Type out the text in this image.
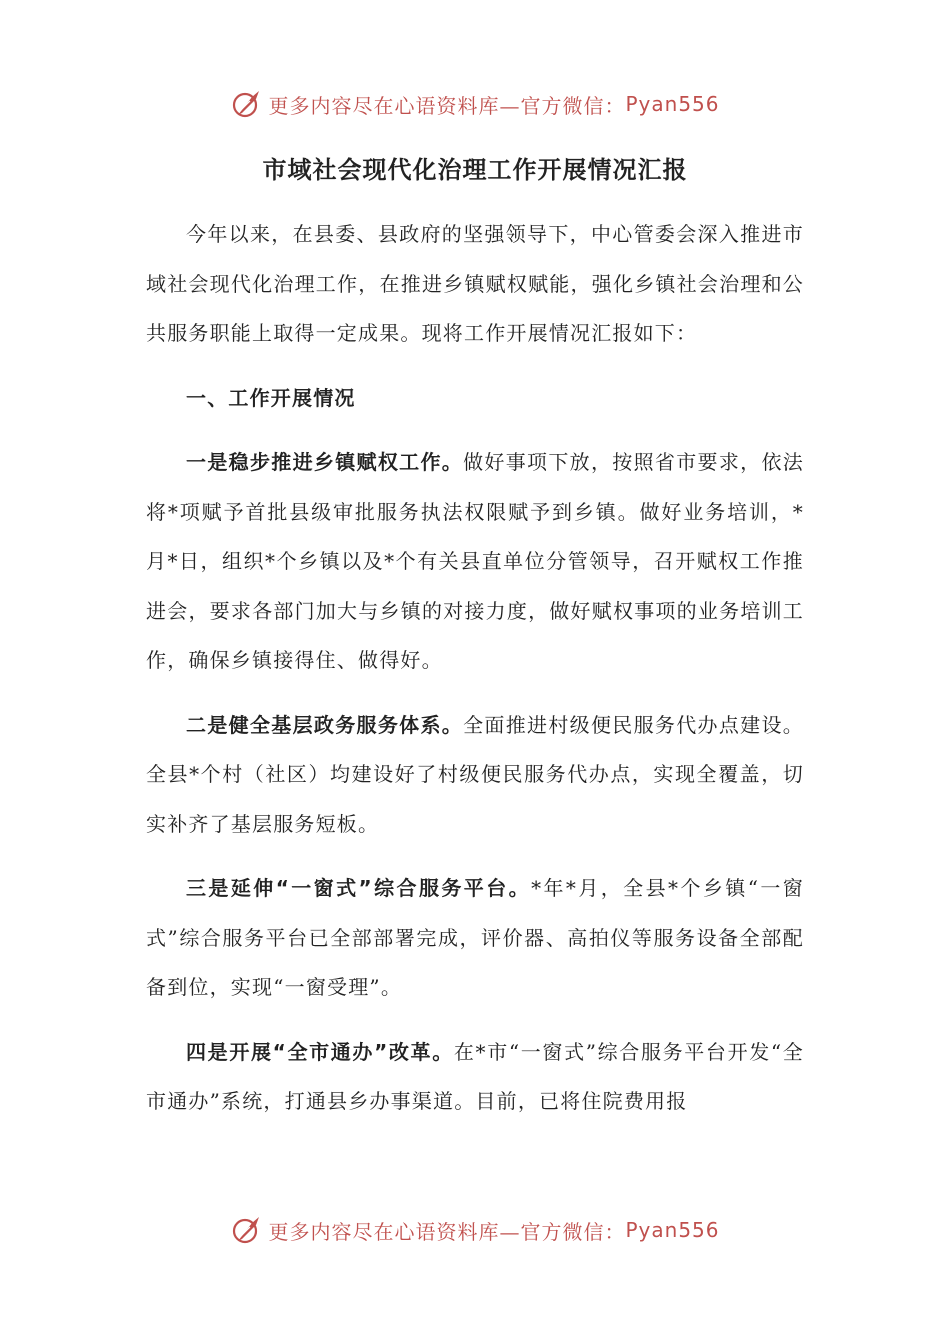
更多内容尽在心语资料库—官方微信： Pyan556
市域社会现代化治理工作开展情况汇报

今年以来，在县委、县政府的坚强领导下，中心管委会深入推进市域社会现代化治理工作，在推进乡镇赋权赋能，强化乡镇社会治理和公共服务职能上取得一定成果。现将工作开展情况汇报如下：

一、工作开展情况

一是稳步推进乡镇赋权工作。做好事项下放，按照省市要求，依法将*项赋予首批县级审批服务执法权限赋予到乡镇。做好业务培训，*月*日，组织*个乡镇以及*个有关县直单位分管领导，召开赋权工作推进会，要求各部门加大与乡镇的对接力度，做好赋权事项的业务培训工作，确保乡镇接得住、做得好。

二是健全基层政务服务体系。全面推进村级便民服务代办点建设。全县*个村（社区）均建设好了村级便民服务代办点，实现全覆盖，切实补齐了基层服务短板。

三是延伸“一窗式”综合服务平台。*年*月，全县*个乡镇“一窗式”综合服务平台已全部部署完成，评价器、高拍仪等服务设备全部配备到位，实现“一窗受理”。

四是开展“全市通办”改革。在*市“一窗式”综合服务平台开发“全市通办”系统，打通县乡办事渠道。目前，已将住院费用报

更多内容尽在心语资料库—官方微信： Pyan556
